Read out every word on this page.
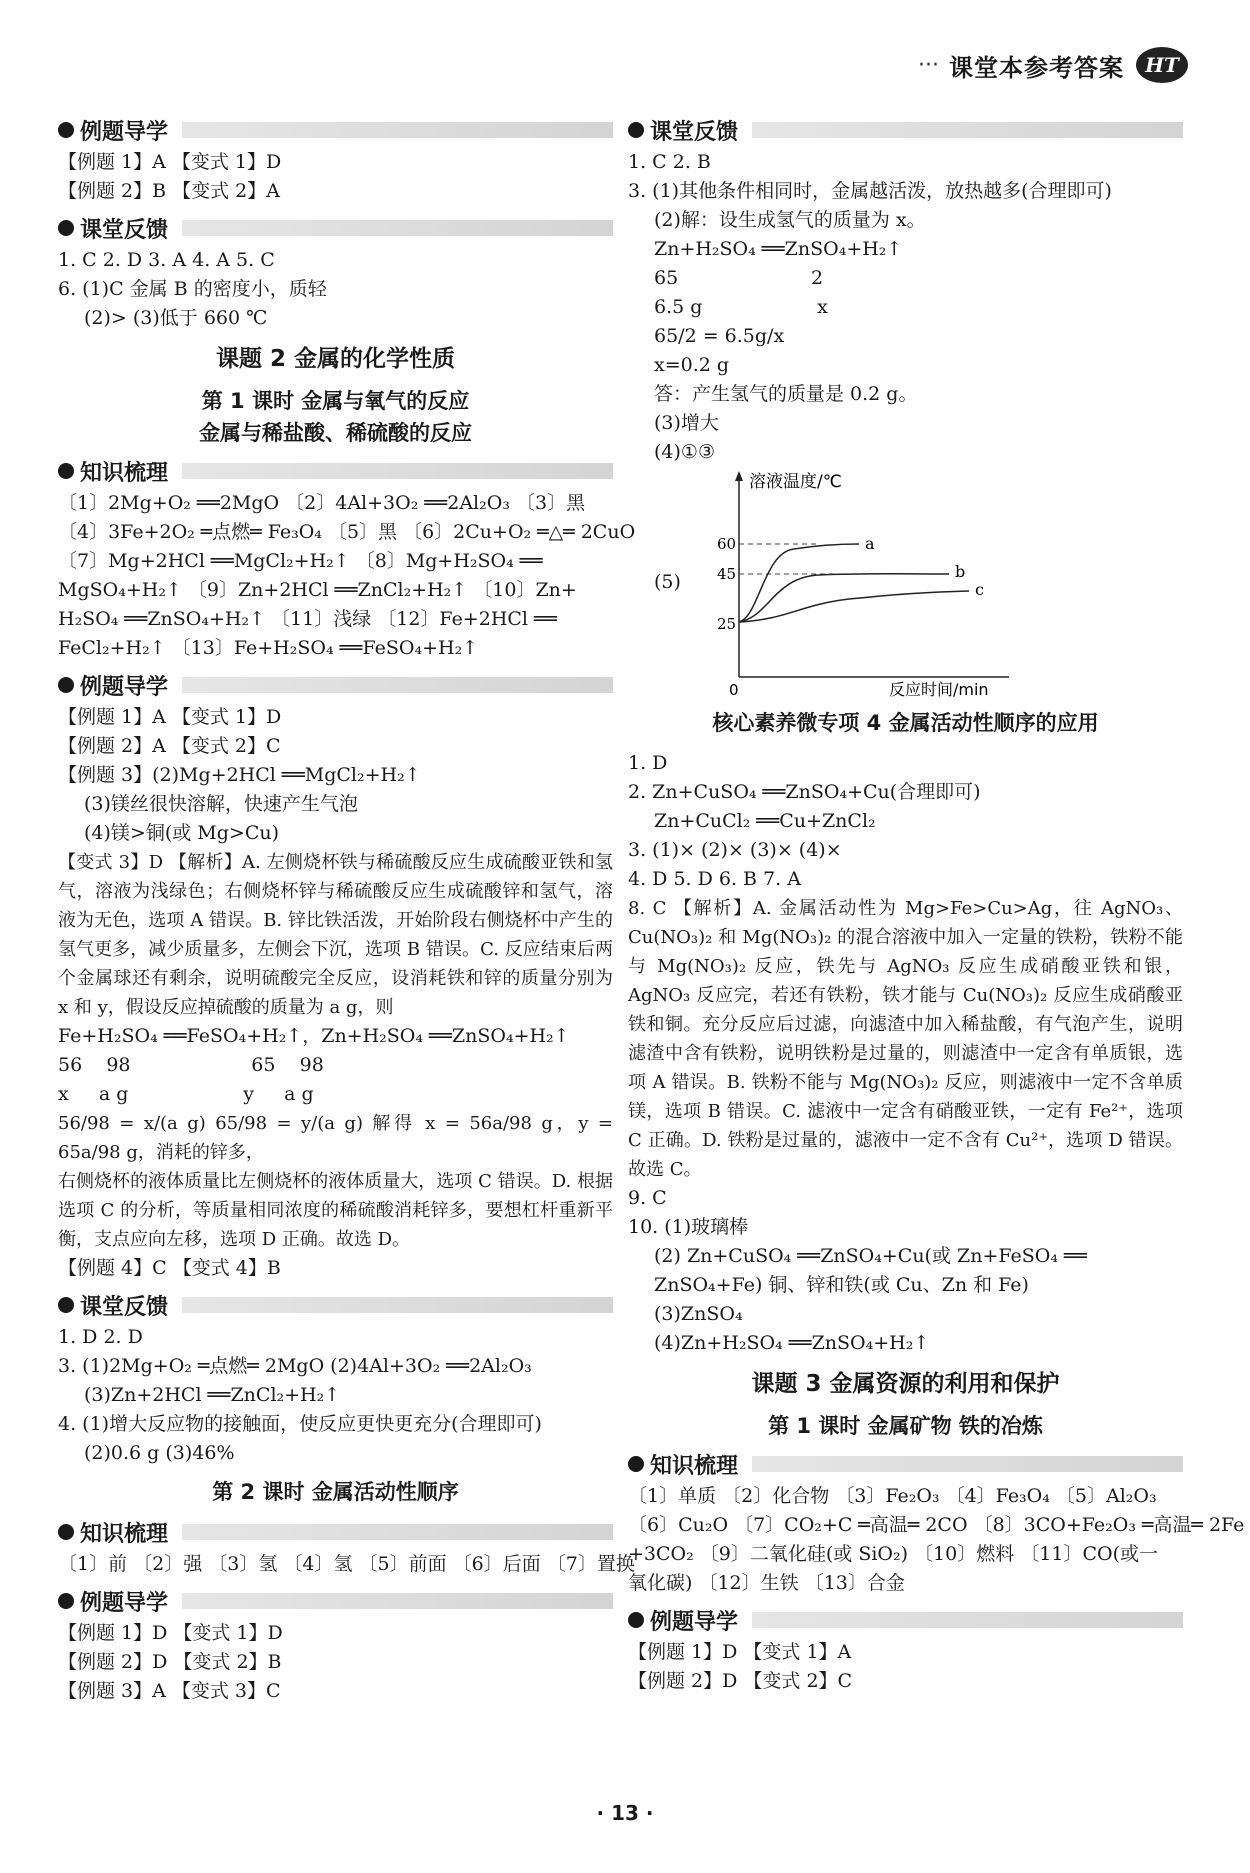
··· 课堂本参考答案 HT
例题导学
【例题 1】A 【变式 1】D
【例题 2】B 【变式 2】A
课堂反馈
1. C 2. D 3. A 4. A 5. C
6. (1)C 金属 B 的密度小，质轻
(2)> (3)低于 660 ℃
课题 2 金属的化学性质
第 1 课时 金属与氧气的反应
金属与稀盐酸、稀硫酸的反应
知识梳理
〔1〕2Mg+O₂ ══2MgO 〔2〕4Al+3O₂ ══2Al₂O₃ 〔3〕黑
〔4〕3Fe+2O₂ ═点燃═ Fe₃O₄ 〔5〕黑 〔6〕2Cu+O₂ ═△═ 2CuO
〔7〕Mg+2HCl ══MgCl₂+H₂↑ 〔8〕Mg+H₂SO₄ ══
MgSO₄+H₂↑ 〔9〕Zn+2HCl ══ZnCl₂+H₂↑ 〔10〕Zn+
H₂SO₄ ══ZnSO₄+H₂↑ 〔11〕浅绿 〔12〕Fe+2HCl ══
FeCl₂+H₂↑ 〔13〕Fe+H₂SO₄ ══FeSO₄+H₂↑
例题导学
【例题 1】A 【变式 1】D
【例题 2】A 【变式 2】C
【例题 3】(2)Mg+2HCl ══MgCl₂+H₂↑
(3)镁丝很快溶解，快速产生气泡
(4)镁>铜(或 Mg>Cu)
【变式 3】D 【解析】A. 左侧烧杯铁与稀硫酸反应生成硫酸亚铁和氢气，溶液为浅绿色；右侧烧杯锌与稀硫酸反应生成硫酸锌和氢气，溶液为无色，选项 A 错误。B. 锌比铁活泼，开始阶段右侧烧杯中产生的氢气更多，减少质量多，左侧会下沉，选项 B 错误。C. 反应结束后两个金属球还有剩余，说明硫酸完全反应，设消耗铁和锌的质量分别为 x 和 y，假设反应掉硫酸的质量为 a g，则
Fe+H₂SO₄ ══FeSO₄+H₂↑，Zn+H₂SO₄ ══ZnSO₄+H₂↑
56    98                    65    98
x     a g                   y     a g
56/98 = x/(a g) 65/98 = y/(a g) 解得 x = 56a/98 g，y = 65a/98 g，消耗的锌多，
右侧烧杯的液体质量比左侧烧杯的液体质量大，选项 C 错误。D. 根据选项 C 的分析，等质量相同浓度的稀硫酸消耗锌多，要想杠杆重新平衡，支点应向左移，选项 D 正确。故选 D。
【例题 4】C 【变式 4】B
课堂反馈
1. D 2. D
3. (1)2Mg+O₂ ═点燃═ 2MgO (2)4Al+3O₂ ══2Al₂O₃
(3)Zn+2HCl ══ZnCl₂+H₂↑
4. (1)增大反应物的接触面，使反应更快更充分(合理即可)
(2)0.6 g (3)46%
第 2 课时 金属活动性顺序
知识梳理
〔1〕前 〔2〕强 〔3〕氢 〔4〕氢 〔5〕前面 〔6〕后面 〔7〕置换
例题导学
【例题 1】D 【变式 1】D
【例题 2】D 【变式 2】B
【例题 3】A 【变式 3】C
课堂反馈
1. C 2. B
3. (1)其他条件相同时，金属越活泼，放热越多(合理即可)
(2)解：设生成氢气的质量为 x。
Zn+H₂SO₄ ══ZnSO₄+H₂↑
65                      2
6.5 g                   x
65/2 = 6.5g/x
x=0.2 g
答：产生氢气的质量是 0.2 g。
(3)增大
(4)①③
(5)
溶液温度/℃
反应时间/min
0
60
45
25
a
b
c
核心素养微专项 4 金属活动性顺序的应用
1. D
2. Zn+CuSO₄ ══ZnSO₄+Cu(合理即可)
Zn+CuCl₂ ══Cu+ZnCl₂
3. (1)× (2)× (3)× (4)×
4. D 5. D 6. B 7. A
8. C 【解析】A. 金属活动性为 Mg>Fe>Cu>Ag，往 AgNO₃、Cu(NO₃)₂ 和 Mg(NO₃)₂ 的混合溶液中加入一定量的铁粉，铁粉不能与 Mg(NO₃)₂ 反应，铁先与 AgNO₃ 反应生成硝酸亚铁和银，AgNO₃ 反应完，若还有铁粉，铁才能与 Cu(NO₃)₂ 反应生成硝酸亚铁和铜。充分反应后过滤，向滤渣中加入稀盐酸，有气泡产生，说明滤渣中含有铁粉，说明铁粉是过量的，则滤渣中一定含有单质银，选项 A 错误。B. 铁粉不能与 Mg(NO₃)₂ 反应，则滤液中一定不含单质镁，选项 B 错误。C. 滤液中一定含有硝酸亚铁，一定有 Fe²⁺，选项 C 正确。D. 铁粉是过量的，滤液中一定不含有 Cu²⁺，选项 D 错误。故选 C。
9. C
10. (1)玻璃棒
(2) Zn+CuSO₄ ══ZnSO₄+Cu(或 Zn+FeSO₄ ══
ZnSO₄+Fe) 铜、锌和铁(或 Cu、Zn 和 Fe)
(3)ZnSO₄
(4)Zn+H₂SO₄ ══ZnSO₄+H₂↑
课题 3 金属资源的利用和保护
第 1 课时 金属矿物 铁的冶炼
知识梳理
〔1〕单质 〔2〕化合物 〔3〕Fe₂O₃ 〔4〕Fe₃O₄ 〔5〕Al₂O₃
〔6〕Cu₂O 〔7〕CO₂+C ═高温═ 2CO 〔8〕3CO+Fe₂O₃ ═高温═ 2Fe
+3CO₂ 〔9〕二氧化硅(或 SiO₂) 〔10〕燃料 〔11〕CO(或一
氧化碳) 〔12〕生铁 〔13〕合金
例题导学
【例题 1】D 【变式 1】A
【例题 2】D 【变式 2】C
· 13 ·
